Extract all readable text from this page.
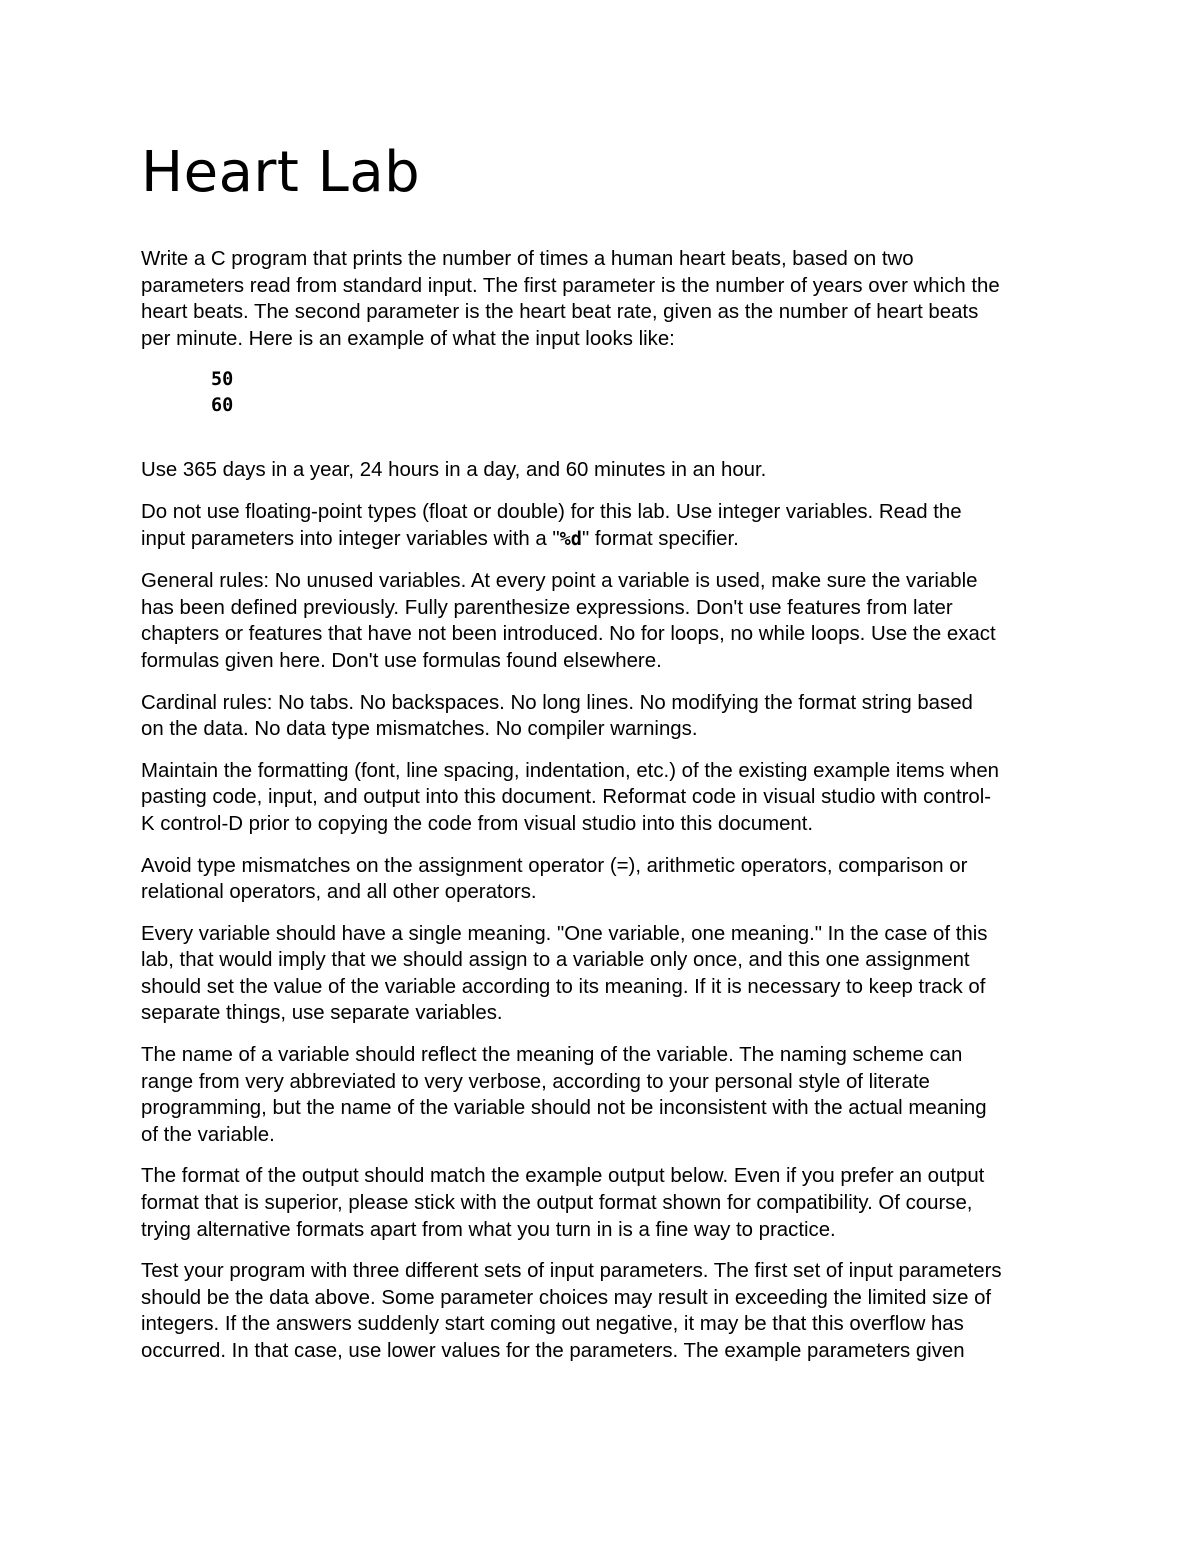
Heart Lab
Write a C program that prints the number of times a human heart beats, based on two
parameters read from standard input. The first parameter is the number of years over which the
heart beats. The second parameter is the heart beat rate, given as the number of heart beats
per minute. Here is an example of what the input looks like:
50
60
Use 365 days in a year, 24 hours in a day, and 60 minutes in an hour.
Do not use floating-point types (float or double) for this lab. Use integer variables. Read the
input parameters into integer variables with a "%d" format specifier.
General rules: No unused variables. At every point a variable is used, make sure the variable
has been defined previously. Fully parenthesize expressions. Don't use features from later
chapters or features that have not been introduced. No for loops, no while loops. Use the exact
formulas given here. Don't use formulas found elsewhere.
Cardinal rules: No tabs. No backspaces. No long lines. No modifying the format string based
on the data. No data type mismatches. No compiler warnings.
Maintain the formatting (font, line spacing, indentation, etc.) of the existing example items when
pasting code, input, and output into this document. Reformat code in visual studio with control-
K control-D prior to copying the code from visual studio into this document.
Avoid type mismatches on the assignment operator (=), arithmetic operators, comparison or
relational operators, and all other operators.
Every variable should have a single meaning. "One variable, one meaning." In the case of this
lab, that would imply that we should assign to a variable only once, and this one assignment
should set the value of the variable according to its meaning. If it is necessary to keep track of
separate things, use separate variables.
The name of a variable should reflect the meaning of the variable. The naming scheme can
range from very abbreviated to very verbose, according to your personal style of literate
programming, but the name of the variable should not be inconsistent with the actual meaning
of the variable.
The format of the output should match the example output below. Even if you prefer an output
format that is superior, please stick with the output format shown for compatibility. Of course,
trying alternative formats apart from what you turn in is a fine way to practice.
Test your program with three different sets of input parameters. The first set of input parameters
should be the data above. Some parameter choices may result in exceeding the limited size of
integers. If the answers suddenly start coming out negative, it may be that this overflow has
occurred. In that case, use lower values for the parameters. The example parameters given
